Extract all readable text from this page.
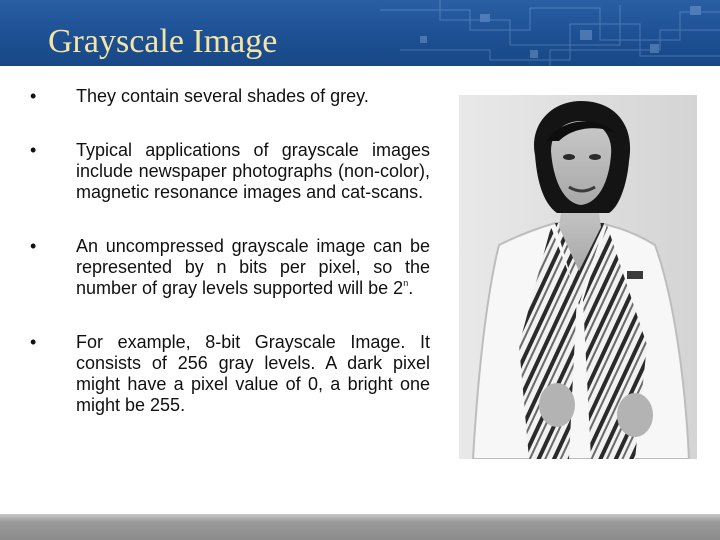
Grayscale Image
• They contain several shades of grey.
• Typical applications of grayscale images include newspaper photographs (non-color), magnetic resonance images and cat-scans.
• An uncompressed grayscale image can be represented by n bits per pixel, so the number of gray levels supported will be 2$^n$.
• For example, 8-bit Grayscale Image. It consists of 256 gray levels. A dark pixel might have a pixel value of 0, a bright one might be 255.
